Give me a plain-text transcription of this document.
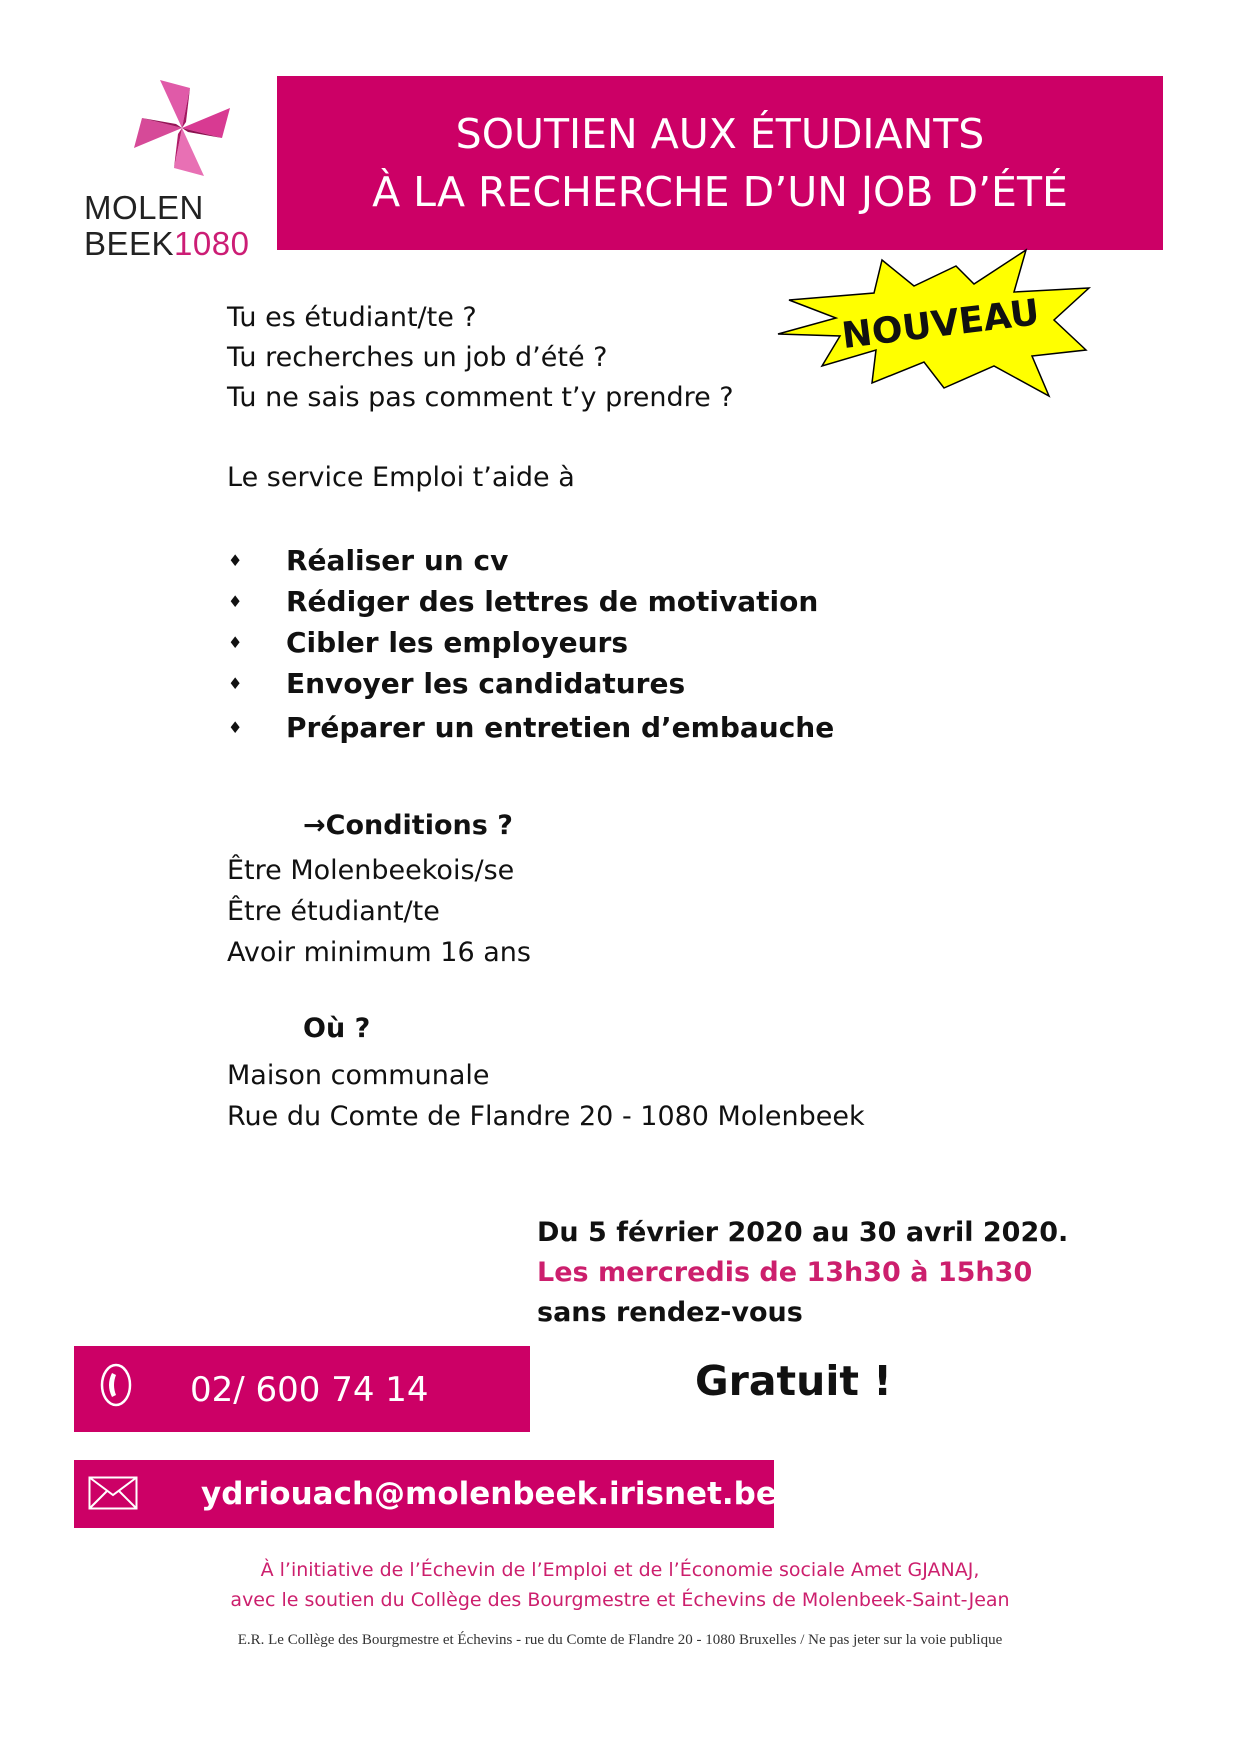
MOLEN
BEEK1080
SOUTIEN AUX ÉTUDIANTS
À LA RECHERCHE D’UN JOB D’ÉTÉ
NOUVEAU
Tu es étudiant/te ?
Tu recherches un job d’été ?
Tu ne sais pas comment t’y prendre ?
Le service Emploi t’aide à
♦	Réaliser un cv
♦	Rédiger des lettres de motivation
♦	Cibler les employeurs
♦	Envoyer les candidatures
♦	Préparer un entretien d’embauche
→Conditions ?
Être Molenbeekois/se
Être étudiant/te
Avoir minimum 16 ans
Où ?
Maison communale
Rue du Comte de Flandre 20 - 1080 Molenbeek
Du 5 février 2020 au 30 avril 2020.
Les mercredis de 13h30 à 15h30
sans rendez-vous
02/ 600 74 14	Gratuit !
ydriouach@molenbeek.irisnet.be
À l’initiative de l’Échevin de l’Emploi et de l’Économie sociale Amet GJANAJ,
avec le soutien du Collège des Bourgmestre et Échevins de Molenbeek-Saint-Jean
E.R. Le Collège des Bourgmestre et Échevins - rue du Comte de Flandre 20 - 1080 Bruxelles / Ne pas jeter sur la voie publique
